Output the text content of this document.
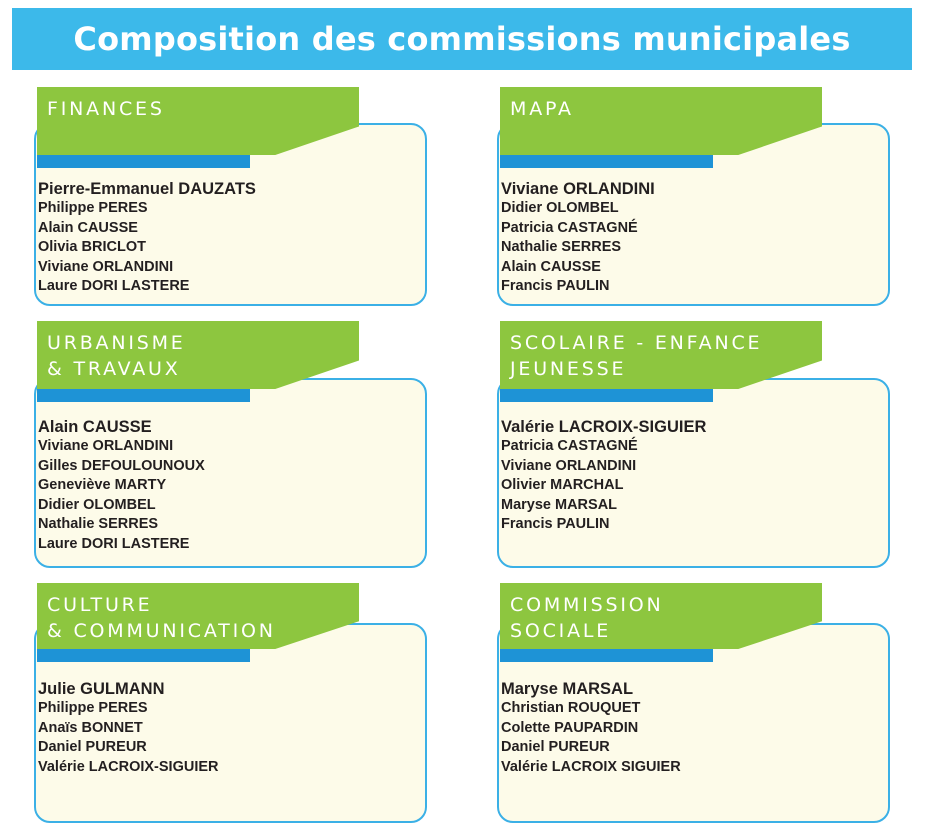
Composition des commissions municipales
FINANCES
Pierre-Emmanuel DAUZATS
Philippe PERES
Alain CAUSSE
Olivia BRICLOT
Viviane ORLANDINI
Laure DORI LASTERE
MAPA
Viviane ORLANDINI
Didier OLOMBEL
Patricia CASTAGNÉ
Nathalie SERRES
Alain CAUSSE
Francis PAULIN
URBANISME
& TRAVAUX
Alain CAUSSE
Viviane ORLANDINI
Gilles DEFOULOUNOUX
Geneviève MARTY
Didier OLOMBEL
Nathalie SERRES
Laure DORI LASTERE
SCOLAIRE - ENFANCE
JEUNESSE
Valérie LACROIX-SIGUIER
Patricia CASTAGNÉ
Viviane ORLANDINI
Olivier MARCHAL
Maryse MARSAL
Francis PAULIN
CULTURE
& COMMUNICATION
Julie GULMANN
Philippe PERES
Anaïs BONNET
Daniel PUREUR
Valérie LACROIX-SIGUIER
COMMISSION
SOCIALE
Maryse MARSAL
Christian ROUQUET
Colette PAUPARDIN
Daniel PUREUR
Valérie LACROIX SIGUIER
